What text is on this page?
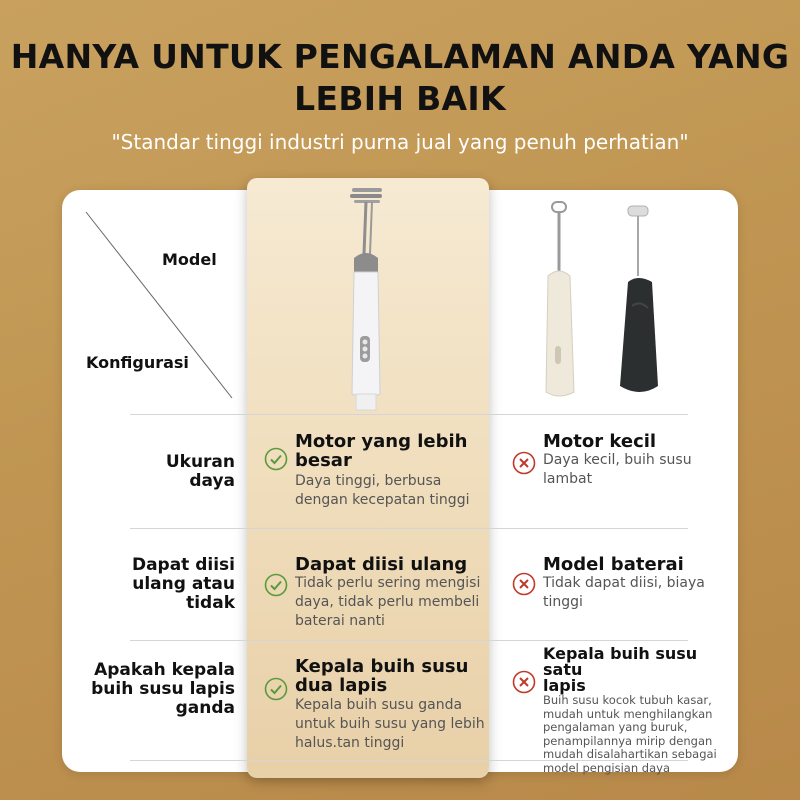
HANYA UNTUK PENGALAMAN ANDA YANG
LEBIH BAIK
"Standar tinggi industri purna jual yang penuh perhatian"
Model
Konfigurasi
Ukuran
daya
Motor yang lebih
besar
Daya tinggi, berbusa
dengan kecepatan tinggi
Motor kecil
Daya kecil, buih susu
lambat
Dapat diisi
ulang atau
tidak
Dapat diisi ulang
Tidak perlu sering mengisi
daya, tidak perlu membeli
baterai nanti
Model baterai
Tidak dapat diisi, biaya
tinggi
Apakah kepala
buih susu lapis
ganda
Kepala buih susu
dua lapis
Kepala buih susu ganda
untuk buih susu yang lebih
halus.tan tinggi
Kepala buih susu satu
lapis
Buih susu kocok tubuh kasar,
mudah untuk menghilangkan
pengalaman yang buruk,
penampilannya mirip dengan
mudah disalahartikan sebagai
model pengisian daya
